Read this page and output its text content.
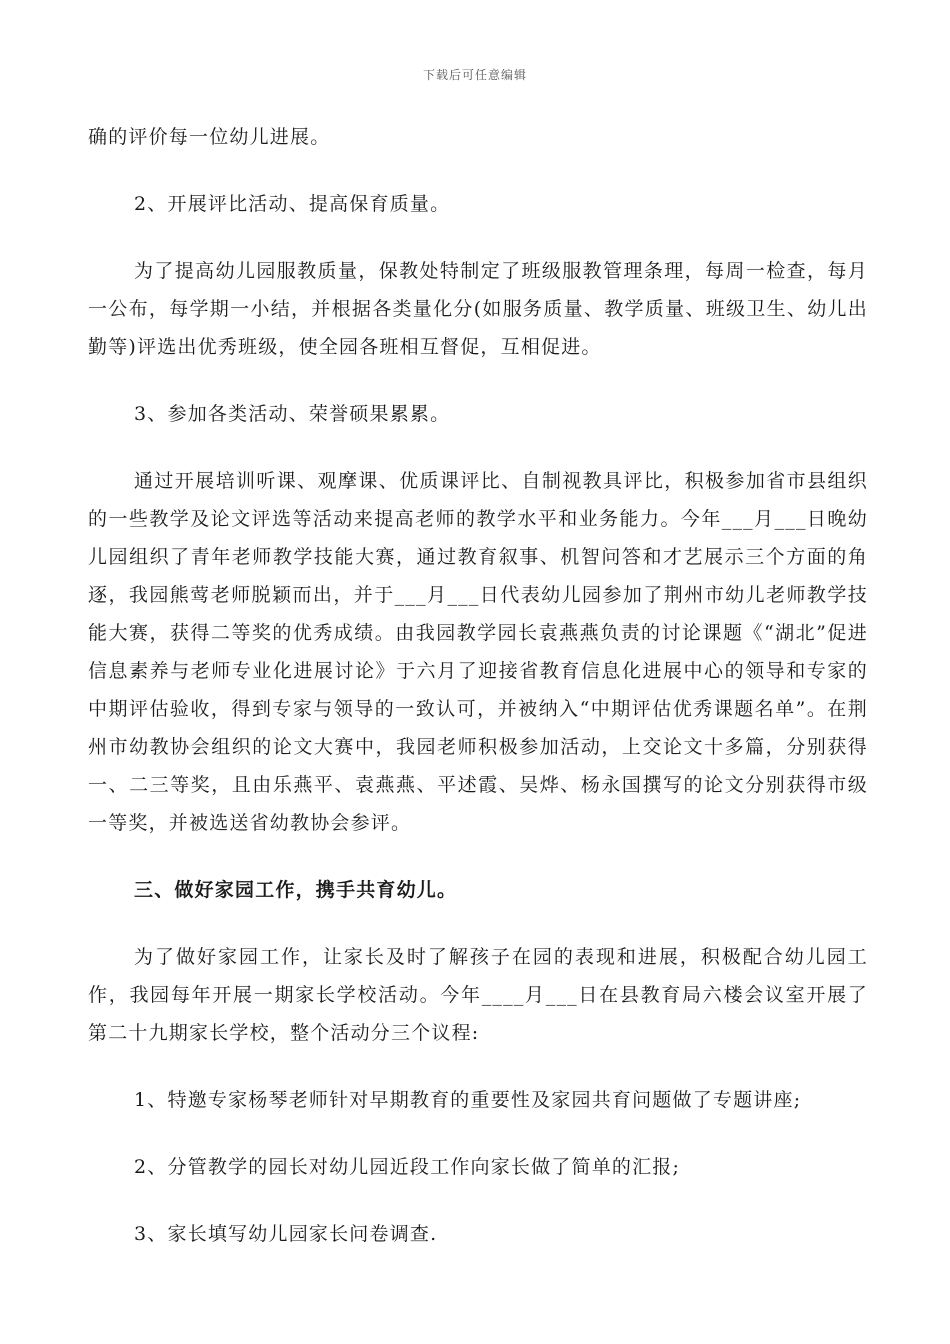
下载后可任意编辑

确的评价每一位幼儿进展。

2、开展评比活动、提高保育质量。

为了提高幼儿园服教质量，保教处特制定了班级服教管理条理，每周一检查，每月一公布，每学期一小结，并根据各类量化分(如服务质量、教学质量、班级卫生、幼儿出勤等)评选出优秀班级，使全园各班相互督促，互相促进。

3、参加各类活动、荣誉硕果累累。

通过开展培训听课、观摩课、优质课评比、自制视教具评比，积极参加省市县组织的一些教学及论文评选等活动来提高老师的教学水平和业务能力。今年___月___日晚幼儿园组织了青年老师教学技能大赛，通过教育叙事、机智问答和才艺展示三个方面的角逐，我园熊莺老师脱颖而出，并于___月___日代表幼儿园参加了荆州市幼儿老师教学技能大赛，获得二等奖的优秀成绩。由我园教学园长袁燕燕负责的讨论课题《“湖北”促进信息素养与老师专业化进展讨论》于六月了迎接省教育信息化进展中心的领导和专家的中期评估验收，得到专家与领导的一致认可，并被纳入“中期评估优秀课题名单”。在荆州市幼教协会组织的论文大赛中，我园老师积极参加活动，上交论文十多篇，分别获得一、二三等奖，且由乐燕平、袁燕燕、平述霞、吴烨、杨永国撰写的论文分别获得市级一等奖，并被选送省幼教协会参评。

三、做好家园工作，携手共育幼儿。

为了做好家园工作，让家长及时了解孩子在园的表现和进展，积极配合幼儿园工作，我园每年开展一期家长学校活动。今年____月___日在县教育局六楼会议室开展了第二十九期家长学校，整个活动分三个议程:

1、特邀专家杨琴老师针对早期教育的重要性及家园共育问题做了专题讲座;

2、分管教学的园长对幼儿园近段工作向家长做了简单的汇报;

3、家长填写幼儿园家长问卷调查.
